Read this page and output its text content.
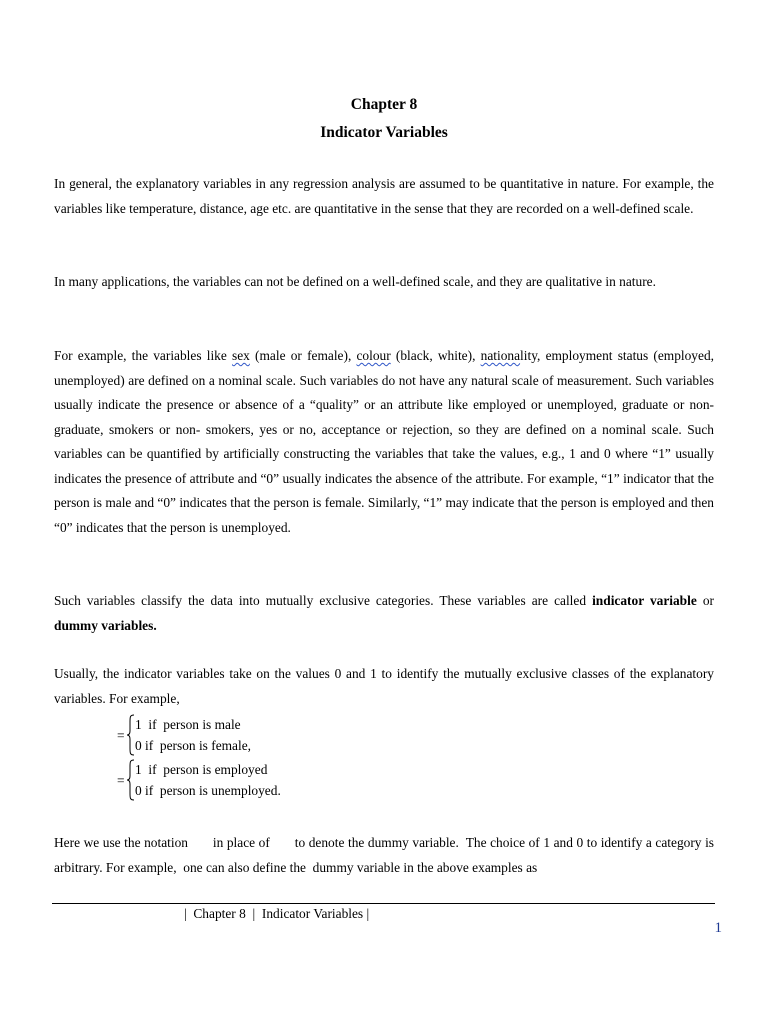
Chapter 8
Indicator Variables

In general, the explanatory variables in any regression analysis are assumed to be quantitative in nature. For example, the variables like temperature, distance, age etc. are quantitative in the sense that they are recorded on a well-defined scale.

In many applications, the variables can not be defined on a well-defined scale, and they are qualitative in nature.

For example, the variables like sex (male or female), colour (black, white), nationality, employment status (employed, unemployed) are defined on a nominal scale. Such variables do not have any natural scale of measurement. Such variables usually indicate the presence or absence of a “quality” or an attribute like employed or unemployed, graduate or non-graduate, smokers or non- smokers, yes or no, acceptance or rejection, so they are defined on a nominal scale. Such variables can be quantified by artificially constructing the variables that take the values, e.g., 1 and 0 where “1” usually indicates the presence of attribute and “0” usually indicates the absence of the attribute. For example, “1” indicator that the person is male and “0” indicates that the person is female. Similarly, “1” may indicate that the person is employed and then “0” indicates that the person is unemployed.

Such variables classify the data into mutually exclusive categories. These variables are called indicator variable or dummy variables.

Usually, the indicator variables take on the values 0 and 1 to identify the mutually exclusive classes of the explanatory variables. For example,

=
1  if  person is male
0 if  person is female,
=
1  if  person is employed
0 if  person is unemployed.

Here we use the notation       in place of       to denote the dummy variable.  The choice of 1 and 0 to identify a category is arbitrary. For example,  one can also define the  dummy variable in the above examples as

|  Chapter 8  |  Indicator Variables |
1
